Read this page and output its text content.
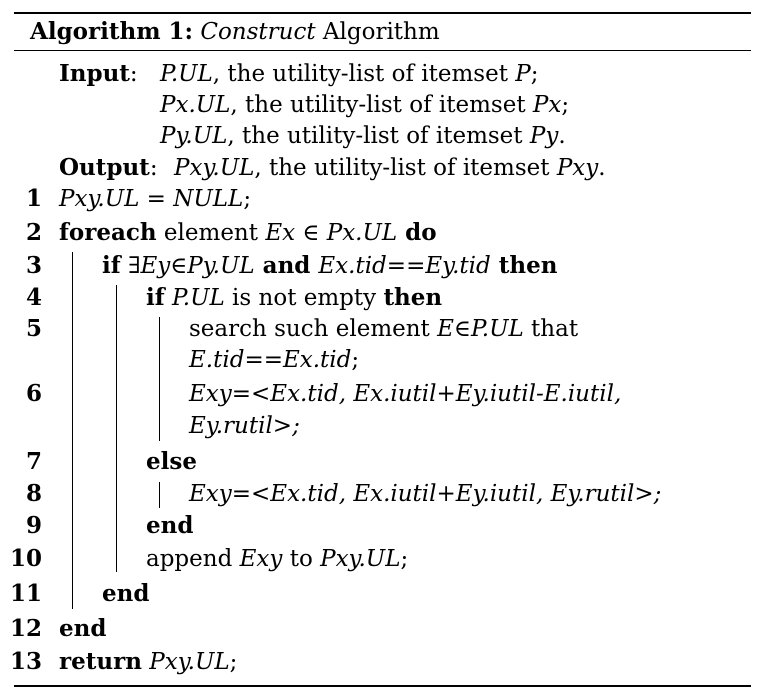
Algorithm 1: Construct Algorithm
Input: P.UL, the utility-list of itemset P;
Px.UL, the utility-list of itemset Px;
Py.UL, the utility-list of itemset Py.
Output: Pxy.UL, the utility-list of itemset Pxy.
1 Pxy.UL = NULL;
2 foreach element Ex ∈ Px.UL do
3	if ∃Ey∈Py.UL and Ex.tid==Ey.tid then
4	if P.UL is not empty then
5	search such element E∈P.UL that
E.tid==Ex.tid;
6	Exy=<Ex.tid, Ex.iutil+Ey.iutil-E.iutil,
Ey.rutil>;
7	else
8	Exy=<Ex.tid, Ex.iutil+Ey.iutil, Ey.rutil>;
9	end
10	append Exy to Pxy.UL;
11	end
12 end
13 return Pxy.UL;
